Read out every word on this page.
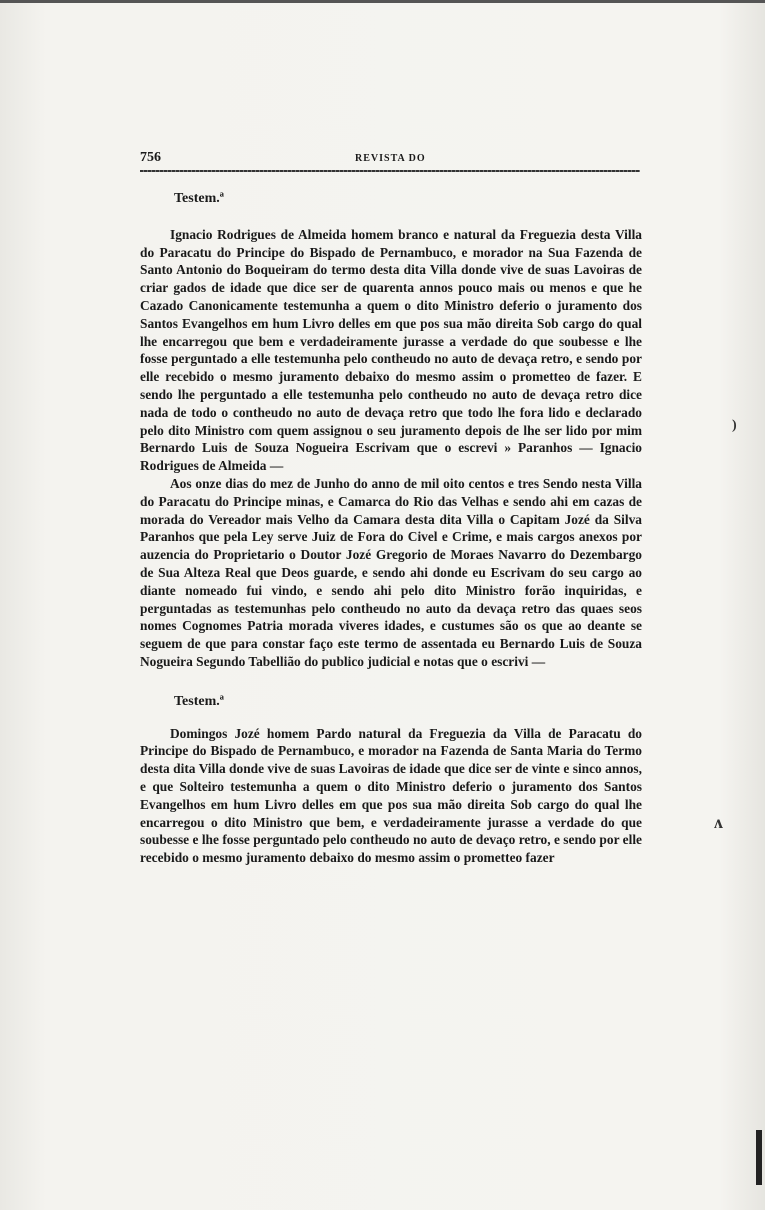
756	REVISTA DO
Testem.ª

Ignacio Rodrigues de Almeida homem branco e natural da Freguezia desta Villa do Paracatu do Principe do Bispado de Pernambuco, e morador na Sua Fazenda de Santo Antonio do Boqueiram do termo desta dita Villa donde vive de suas Lavoiras de criar gados de idade que dice ser de quarenta annos pouco mais ou menos e que he Cazado Canonicamente testemunha a quem o dito Ministro deferio o juramento dos Santos Evangelhos em hum Livro delles em que pos sua mão direita Sob cargo do qual lhe encarregou que bem e verdadeiramente jurasse a verdade do que soubesse e lhe fosse perguntado a elle testemunha pelo contheudo no auto de devaça retro, e sendo por elle recebido o mesmo juramento debaixo do mesmo assim o prometteo de fazer. E sendo lhe perguntado a elle testemunha pelo contheudo no auto de devaça retro dice nada de todo o contheudo no auto de devaça retro que todo lhe fora lido e declarado pelo dito Ministro com quem assignou o seu juramento depois de lhe ser lido por mim Bernardo Luis de Souza Nogueira Escrivam que o escrevi » Paranhos — Ignacio Rodrigues de Almeida —

Aos onze dias do mez de Junho do anno de mil oito centos e tres Sendo nesta Villa do Paracatu do Principe minas, e Camarca do Rio das Velhas e sendo ahi em cazas de morada do Vereador mais Velho da Camara desta dita Villa o Capitam Jozé da Silva Paranhos que pela Ley serve Juiz de Fora do Civel e Crime, e mais cargos anexos por auzencia do Proprietario o Doutor Jozé Gregorio de Moraes Navarro do Dezembargo de Sua Alteza Real que Deos guarde, e sendo ahi donde eu Escrivam do seu cargo ao diante nomeado fui vindo, e sendo ahi pelo dito Ministro forão inquiridas, e perguntadas as testemunhas pelo contheudo no auto da devaça retro das quaes seos nomes Cognomes Patria morada viveres idades, e custumes são os que ao deante se seguem de que para constar faço este termo de assentada eu Bernardo Luis de Souza Nogueira Segundo Tabellião do publico judicial e notas que o escrivi —

Testem.ª

Domingos Jozé homem Pardo natural da Freguezia da Villa de Paracatu do Principe do Bispado de Pernambuco, e morador na Fazenda de Santa Maria do Termo desta dita Villa donde vive de suas Lavoiras de idade que dice ser de vinte e sinco annos, e que Solteiro testemunha a quem o dito Ministro deferio o juramento dos Santos Evangelhos em hum Livro delles em que pos sua mão direita Sob cargo do qual lhe encarregou o dito Ministro que bem, e verdadeiramente jurasse a verdade do que soubesse e lhe fosse perguntado pelo contheudo no auto de devaço retro, e sendo por elle recebido o mesmo juramento debaixo do mesmo assim o prometteo fazer

)
ʌ
